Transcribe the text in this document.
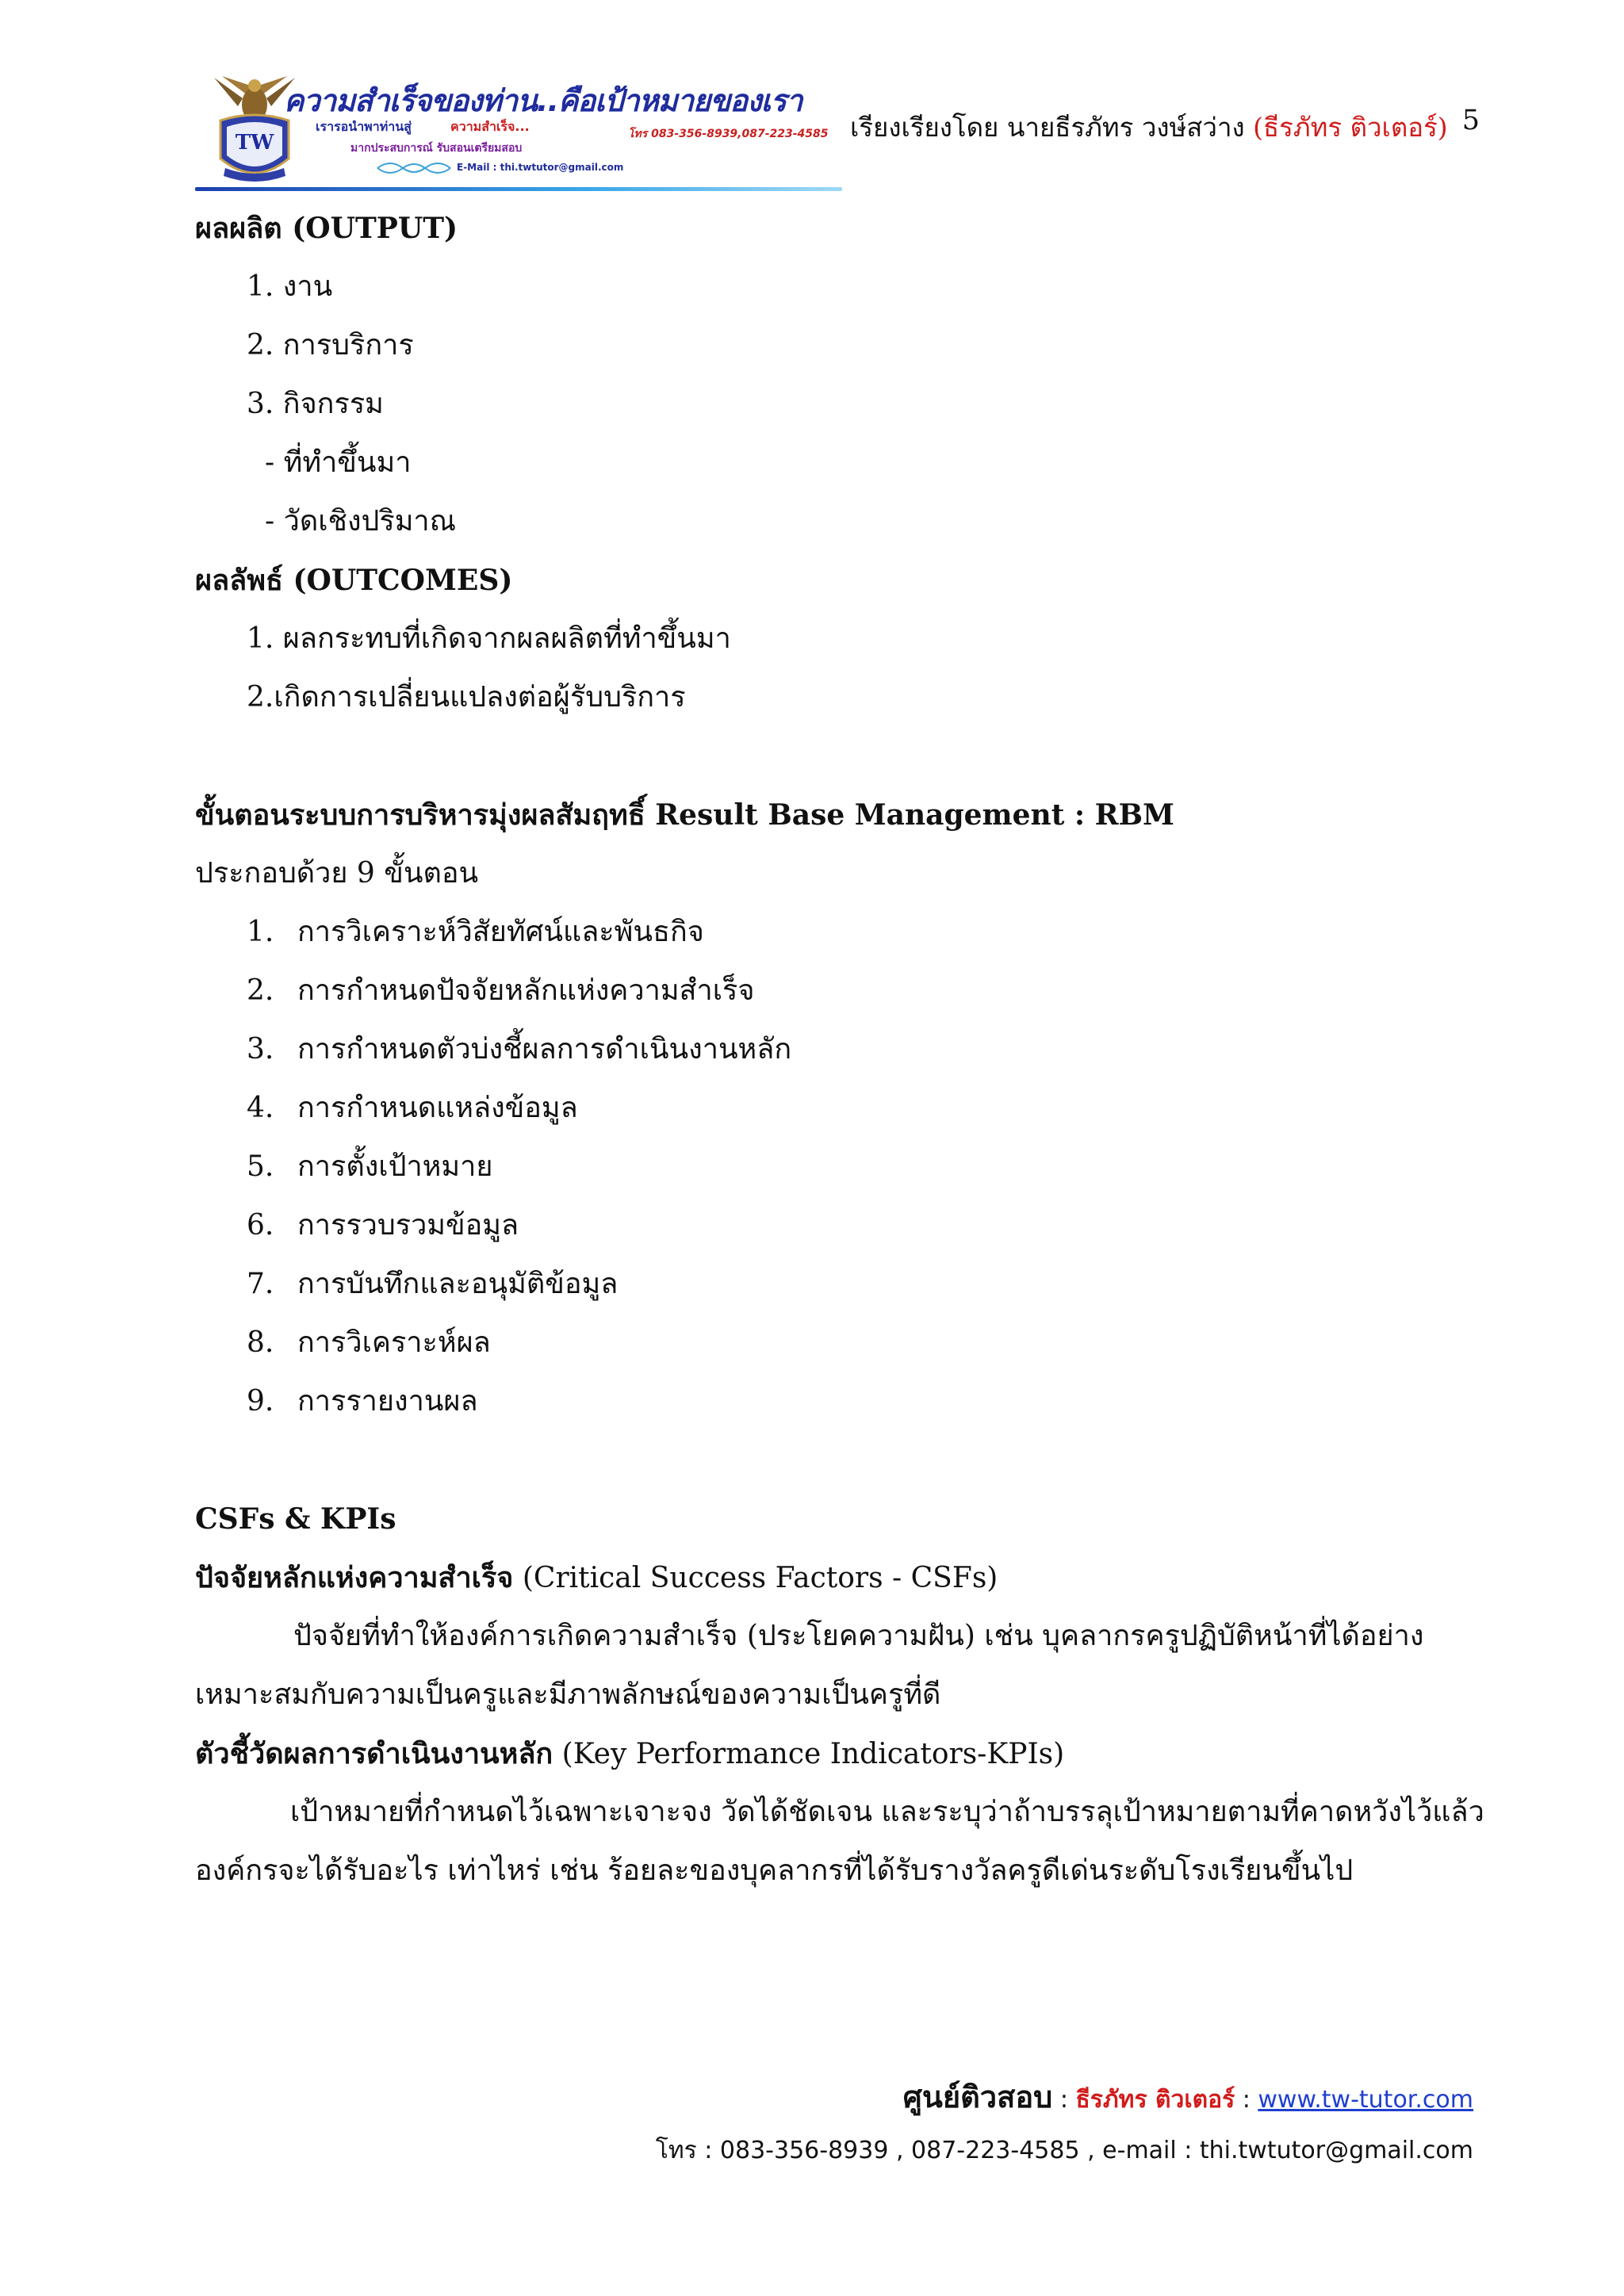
TW
ความสำเร็จของท่าน..คือเป้าหมายของเรา
เรารอนำพาท่านสู่	ความสำเร็จ...	โทร 083-356-8939,087-223-4585
มากประสบการณ์ รับสอนเตรียมสอบ
E-Mail : thi.twtutor@gmail.com
เรียงเรียงโดย นายธีรภัทร วงษ์สว่าง (ธีรภัทร ติวเตอร์) 5
ผลผลิต (OUTPUT)
1. งาน
2. การบริการ
3. กิจกรรม
- ที่ทำขึ้นมา
- วัดเชิงปริมาณ
ผลลัพธ์ (OUTCOMES)
1. ผลกระทบที่เกิดจากผลผลิตที่ทำขึ้นมา
2.เกิดการเปลี่ยนแปลงต่อผู้รับบริการ
ขั้นตอนระบบการบริหารมุ่งผลสัมฤทธิ์ Result Base Management : RBM
ประกอบด้วย 9 ขั้นตอน
1. การวิเคราะห์วิสัยทัศน์และพันธกิจ
2. การกำหนดปัจจัยหลักแห่งความสำเร็จ
3. การกำหนดตัวบ่งชี้ผลการดำเนินงานหลัก
4. การกำหนดแหล่งข้อมูล
5. การตั้งเป้าหมาย
6. การรวบรวมข้อมูล
7. การบันทึกและอนุมัติข้อมูล
8. การวิเคราะห์ผล
9. การรายงานผล
CSFs & KPIs
ปัจจัยหลักแห่งความสำเร็จ (Critical Success Factors - CSFs)
ปัจจัยที่ทำให้องค์การเกิดความสำเร็จ (ประโยคความฝัน) เช่น บุคลากรครูปฏิบัติหน้าที่ได้อย่าง
เหมาะสมกับความเป็นครูและมีภาพลักษณ์ของความเป็นครูที่ดี
ตัวชี้วัดผลการดำเนินงานหลัก (Key Performance Indicators-KPIs)
เป้าหมายที่กำหนดไว้เฉพาะเจาะจง วัดได้ชัดเจน และระบุว่าถ้าบรรลุเป้าหมายตามที่คาดหวังไว้แล้ว
องค์กรจะได้รับอะไร เท่าไหร่ เช่น ร้อยละของบุคลากรที่ได้รับรางวัลครูดีเด่นระดับโรงเรียนขึ้นไป
ศูนย์ติวสอบ : ธีรภัทร ติวเตอร์ : www.tw-tutor.com
โทร : 083-356-8939 , 087-223-4585 , e-mail : thi.twtutor@gmail.com
